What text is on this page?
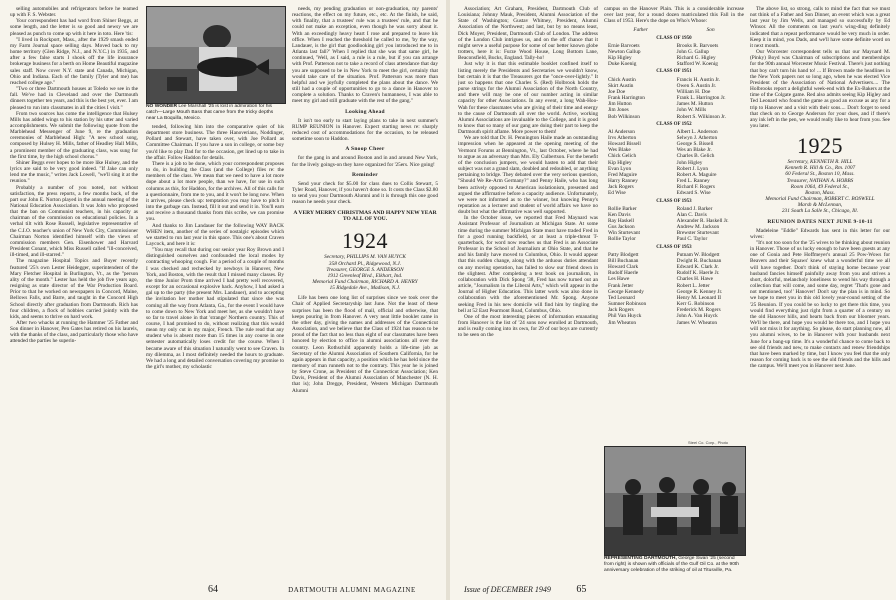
selling automobiles and refrigerators before he teamed up with F. S. Webster.

Your correspondent has had word from Shiner Beggs, at some length, and the letter is so good and newsy we are pleased as punch to come up with it here in toto. Here 'tis:

"I lived in Rockport, Mass., after the 1929 smash ended my Farm Journal space selling days. Moved back to my home territory (Glen Ridge, N.J., and N.Y.C.) in 1935, and after a few false starts I shook off the life insurance brokerage business for a berth on Home Beautiful magazine sales staff. Now cover N.Y. state and Canada, Michigan, Ohio and Indiana. Each of the family (Tyler and me) has reached college age."

"Two or three Dartmouth houses at Toledo we see in the fall. We've had in Cleveland and over the Dartmouth dinners together ten years, and this is the best yet, ever. I am pleased to run into classmates in all the cities I visit."

From two sources has come the intelligence that Hulsey Mills has added wings to his station by his utter and varied accomplishments. We submit the following quote from the Marblehead Messenger of June 9, re the graduation ceremonies of Marblehead High: "A new school song, composed by Hulsey H. Mills, father of Headley Hall Mills, a prominent member of the graduating class, was sung for the first time, by the high school chorus."

Shiner Beggs ever hopes to be more like Hulsey, and the lyrics are said to be very good indeed. "If Jake can only lend me the music," writes Jack Lowell, "we'll sing it at the reunion."

Probably a number of you noted, not without satisfaction, the press reports, a few months back, of the part our John E. Norton played in the annual meeting of the National Education Association. It was John who proposed that the ban on Communist teachers, in his capacity as chairman of the commission on educational policies. In a verbal tilt with Rose Russell, legislative representative of the C.I.O. teacher's union of New York City, Commissioner Chairman Norton identified himself with the views of commission members Gen. Eisenhower and Harvard President Conant, which Miss Russell called "ill-conceived, ill-timed, and ill-starred."

The magazine Hospital Topics and Buyer recently featured '25's own Lester Heidegger, superintendent of the Mary Fletcher Hospital in Burlington, Vt., as the "person ality of the month." Lester has held the job five years ago, resigning as state director of the War Production Board. Prior to that he worked on newspapers in Concord, Maine, Bellows Falls, and Barre, and taught in the Concord High School directly after graduation from Dartmouth. Rich has four children, a flock of hobbies carried jointly with the kids, and seems to thrive on hard work.

After two whacks at running the Hammer '25 Father and Son dinner in Hanover, Pen Gates has retired on his laurels, with the thanks of the class, and particularly those who have attended the parties he superin-

NO WONDER Lee Marshall '25 is lost in admiration for his catch—Large Mouth Bass that came from the tricky depths near La Boquilla, Mexico.

tended, following him into the comparative quiet of his department store business. The three Hanoverians, Noddinger, Pollard and Stewart, have taken over, with Joe Pollard as Committee Chairman. If you have a son in college, or some boy you'd like to play Dad for to the occasion, get lined up to take in the affair. Follow Haddon for details.

There is a job to be done, which your correspondent proposes to do, in building the Class (and the College) files re: the members of the class. We mean that we need to have a lot more dope about a lot more people, than we have, for use in such columns as this, for Haddon, for the archives. All of this calls for a questionnaire, from me to you, and it won't be long now. When it arrives, please check up: temptation you may have to pitch it into the garbage can. Instead, fill it out and send it in. You'll earn and receive a thousand thanks from this scribe, we can promise you.

And thanks to Jim Landauer for the following WAY BACK WHEN item, another of the series of nostalgic episodes which we started to run last year in this space. This one's about Craven Laycock, and here it is:

"You may recall that during our senior year Roy Brown and I distinguished ourselves and confounded the local modes by contracting whooping cough. For a period of a couple of months I was checked and rechecked by newboys in Hanover, New York, and Boston, with the result that I missed many classes. By the time Junior Prom time arrived I had pretty well recovered, except for an occasional explosive hack. Anyhow, I had asked a gal up to the party (the present Mrs. Landauer), and to accepting the invitation her mother had stipulated that since she was coming all the way from Atlanta, Ga., for the event I would have to come down to New York and meet her, as she wouldn't have so far to travel alone in that 'strange' Northern country. This of course, I had promised to do, without realizing that this would mean my only cut in my major, French. The rule read that any student who is absent more than 15 times in any course in one semester automatically loses credit for the course. When I became aware of this situation I naturally went to see Craven. In my dilemma, as I most definitely needed the hours to graduate. We had a long and detailed conversation covering my promise to the girl's mother, my scholastic

needs, my pending graduation or non-graduation, my parents' reactions, the effect on my future, etc., etc. At the finish, he said, with finality, that a trustees' rule was a trustees' rule, and that he could not make an exception, even though he was sorry about it. With an exceedingly heavy heart I rose and prepared to leave his office. When I reached the threshold he called to me, 'by the way, Landauer, is the girl that goodlooking girl you introduced me to in Atlanta last fall?' When I replied that she was that same girl, he continued, 'Well, as I said, a rule is a rule, but if you can arrange with Prof. Patterson not to take a record of class attendance that day you are supposed to be in New York to meet the girl, certainly that would take care of the situation. Prof. Patterson was more than helpful and we joyfully completed the plans about the dance. We still had a couple of opportunities to go to a dance in Hanover to complete a solution. Thanks to Craven's humanness, I was able to meet my girl and still graduate with the rest of the gang."

Looking Ahead

It isn't too early to start laying plans to take in next summer's RUMP REUNION in Hanover. Expect starting news re: sharply reduced cost of accommodations for the occasion, to be released sometime soon to Haddon.

A Snoop Cheer

for the gang in and around Boston and in and around New York, for the lively goings-on they have organized for '25ers. Nice going!

Reminder

Send your check for $5.00 for class dues to Collis Stewart, 5 Tyler Road, Hanover, if you haven't done so. It costs the Class $2.80 to send you your Dartmouth Alumni and it is through this one good reason he needs your check.

A VERY MERRY CHRISTMAS AND HAPPY NEW YEAR TO ALL OF YOU.

1924

Secretary, PHILLIPS M. VAN HUYCK

358 Orchard Pl., Ridgewood, N.J.

Treasurer, GEORGE S. ANDERSON

1912 Greenleaf Blvd., Elkhart, Ind.

Memorial Fund Chairman, RICHARD A. HENRY

15 Ridgedale Ave., Madison, N.J.

Life has been one long list of surprises since we took over the Chair of Applied Secretaryship last June. Not the least of these surprises has been the flood of mail, official and otherwise, that keeps pouring in from Hanover. A very neat little booklet came in the other day, giving the names and addresses of the Connecticut Association, and we believe that the Class of 1924 has reason to be proud of the fact that no less than eight of our classmates have been honored by election to office in alumni associations all over the country. Leon Rothschild apparently holds a life-time job as Secretary of the Alumni Association of Southern California, for he again appears in that capacity, a position which he has held since the memory of man runneth not to the contrary. This year he is joined by Steve Crone, as President of the Connecticut Association; Ken Davis, President of the Alumni Association of Manchester (N. H. that is); John Dregge, President, Western Michigan Dartmouth Alumni

64	DARTMOUTH ALUMNI MAGAZINE

Association; Art Graham, President, Dartmouth Club of Louisiana; Johnny Mauk, President, Alumni Association of the State of Washington; Gustav Whitney, President, Alumni Association of the Northwest; and last, but by no means least, Dick Moyer, President, Dartmouth Club of London. The address of the London Club intrigues us, and on the off chance that it might serve a useful purpose for some of our better known globe trotters, here it is: Furze Wood House, Long Bottom Lane, Beaconsfield, Bucks, England. Tally-ho!

Just why it is that this estimable booklet confined itself to listing merely the Presidents and Secretaries we wouldn't know, but certain it is that the Treasurers got the "once-over-lightly." It just so happens that one Charles S. (Red) Holbrook holds the purse strings for the Alumni Association of the North Country, and there will may be one of our number acting in similar capacity for other Associations. In any event, a long Wah-Hoo-Wah for these classmates who are giving of their time and energy to the cause of Dartmouth all over the world. Active, working Alumni Associations are invaluable to the College, and it is good to know that so many of our gang are doing their part to keep the Dartmouth spirit aflame. More power to them!

We are told that Dr. H. Pennington Haile made an outstanding impression when he appeared at the opening meeting of the Vermont Forums at Bennington, Vt., last October, where he had to argue as an adversary than Mrs. Ely Culbertson. For the benefit of the conclusion jumpers, we would hasten to add that their subject was not a grand slam, doubled and redoubled, or anything pertaining to bridge. They debated over the very serious question, "Should We Re-Arm Germany?" and Penny Haile, who has long been actively opposed to American isolationism, presented and argued the affirmative before a capacity audience. Unfortunately, we were not informed as to the winner, but knowing Penny's reputation as a lecturer and student of world affairs we have no doubt but what the affirmative was well supported.

In the October issue, we reported that Fred Maynard was Assistant Professor of Journalism at Michigan State. At some time during the summer Michigan State must have traded Fred in for a good running backfield, or at least a triple-threat T-quarterback, for word now reaches us that Fred is an Associate Professor in the School of Journalism at Ohio State, and that he and his family have moved to Columbus, Ohio. It would appear that this sudden change, along with the arduous duties attendant on any moving operation, has failed to slow our friend down in the slightest. After completing a text book on journalism, in collaboration with Dick Spong '38, Fred has now turned out an article, "Journalism in the Liberal Arts," which will appear in the Journal of Higher Education. This latter work was also done in collaboration with the aforementioned Mr. Spong. Anyone seeking Fred in his new domicile will find him by tingling the bell at 52 East Pearmont Road, Columbus, Ohio.

One of the most interesting pieces of information emanating from Hanover is the list of '24 sons now enrolled at Dartmouth, and is really coming into its own, for 29 of our boys are currently to be seen on the

campus on the Hanover Plain. This is a considerable increase over last year, for a round dozen matriculated this Fall in the Class of 1953. Here's the dope on Who's Whose:

Father	Son
CLASS OF 1950
Ernie Barvoets	Brooks R. Barvoets
Newton Gallup	John G. Gallup
Kip Higley	Richard G. Higley
Duke Koenig	Stafford W. Koenig
CLASS OF 1951
Chick Austin	Francis H. Austin Jr.
Skirt Austin	Owen S. Austin Jr.
Joe Doe	William H. Doe
Frank Harrington	Frank L. Harrington Jr.
Jim Hutton	James M. Hutton
Jim Jones	John W. Mills
Bob Wilkinson	Robert S. Wilkinson Jr.
CLASS OF 1952
Al Anderson	Albert L. Anderson
Irvs Atherton	Selwyn J. Atherton
Howard Bissell	George S. Bissell
Wes Blake	Wes an Blake Jr.
Chick Gelich	Charles B. Gelich
Kip Higley	John Higley
Evan Lyon	Robert J. Lyon
Fred Maguire	Robert A. Maguire
Harry Ranney	Fred L. Ranney
Jack Rogers	Richard F. Rogers
Ed Wise	Edward S. Wise
CLASS OF 1953
Rollie Barker	Roland J. Barker
Ken Davis	Alan C. Davis
Ray Haskell	Alexander R. Haskell Jr.
Gus Jackson	Andrew M. Jackson
Win Sturtevant	Brewster Sturtevant
Rollie Taylor	Paul C. Taylor
CLASS OF 1953
Patty Blodgett	Putnam W. Blodgett
Bill Buchanan	Dwight R. Buchanan
Howard Clark	Edward K. Clark Jr.
Rudolf Haerle	Rudolf K. Haerle Jr.
Les Hawe	Charles H. Hawe
Frank Jetter	Robert L. Jetter
George Kennedy	George R. Kenney Jr.
Ted Leonard	Henry M. Leonard II
Sumner Robinson	Kerr G. Robinson
Jack Rogers	Frederick M. Rogers
Phil Van Huyck	John A. Van Huyck
Jim Wheaton	James W. Wheaton
Steel Co. Corp., Photo
REPRESENTING DARTMOUTH, George Swan '25 (second from right) is shown with officials of the Gulf Oil Co. at the 90th anniversary celebration of the striking of oil at Titusville, Pa.

The above list, so strong, calls to mind the fact that we must not think of a Father and Son Dinner, an event which was a great last year by Jim Wells, and managed so successfully by Ed Winsor. All the comments on last year's wing-ding definitely indicated that a repeat performance would be very much in order. Keep it in mind, you Dads, and we'll have some definite word on it next month.

Our Worcester correspondent tells us that our Maynard M. (Pinky) Boyd was Chairman of subscriptions and memberships for the 90th annual Worcester Music Festival. There's just nothing that boy can't turn his hand to! ... If Brown made the headlines in the New York papers not so long ago, when he was elected Vice President of the Association of National Advertisers.... The Holbrooks report a delightful week-end with the Ex-Bakers at the time of the Colgate game. Red also admits seeing Kip Higley and Ted Leonard who found the game as good an excuse as any for a trip to Hanover and a visit with their sons.... Don't forget to send that check on to George Anderson for your dues, and if there's any ink left in the pen, we would really like to hear from you. See you later.

1925

Secretary, KENNETH R. HILL

Kenneth R. Hill & Co., Rm. 1007

60 Federal St., Boston 10, Mass.

Treasurer, NATHAN A. HOBBS

Room 1064, 49 Federal St.,

Boston, Mass.

Memorial Fund Chairman, ROBERT C. BOSWELL

Marsh & McLennan,

231 South La Salle St., Chicago, Ill.

REUNION DATES NEXT JUNE 9-10-11

Madeleine "Eddie" Edwards has sent in this letter for our wives:

"It's not too soon for the '25 wives to be thinking about reunion in Hanover. Those of us lucky enough to have been guests at any one of Gonia and Pete Hoffmeyer's annual 25 Pow-Wows for Beavers and their Squaws' knew what a wonderful time we all will have together. Don't think of staying home because your husband fancies himself painfully away from you and strives a short, dolorful, melancholy loneliness to wend his way through a collection that will come, and some day, regret 'That's gone and not mentioned, too!' Hanover! Don't say the plan is in mind. So we hope to meet you in this old lovely year-round setting of the '25 Reunion. If you could be so lucky to get there this time, you would find everything just right from a quarter of a century on the old Hanover hills, and hearts back from our bloomer years. We'll be there, and hope you would be there too, and I hope you will not miss it for anything. So please, do start planning now, all you alumni wives, to be in Hanover with your husbands next June for a bang-up time. It's a wonderful chance to come back to see old friends and new, to make contacts and renew friendships that have been marked by time, but I know you feel that the only reason for coming back is to see the old friends and the hills and the campus. We'll meet you in Hanover next June.

Issue of DECEMBER 1949	65
